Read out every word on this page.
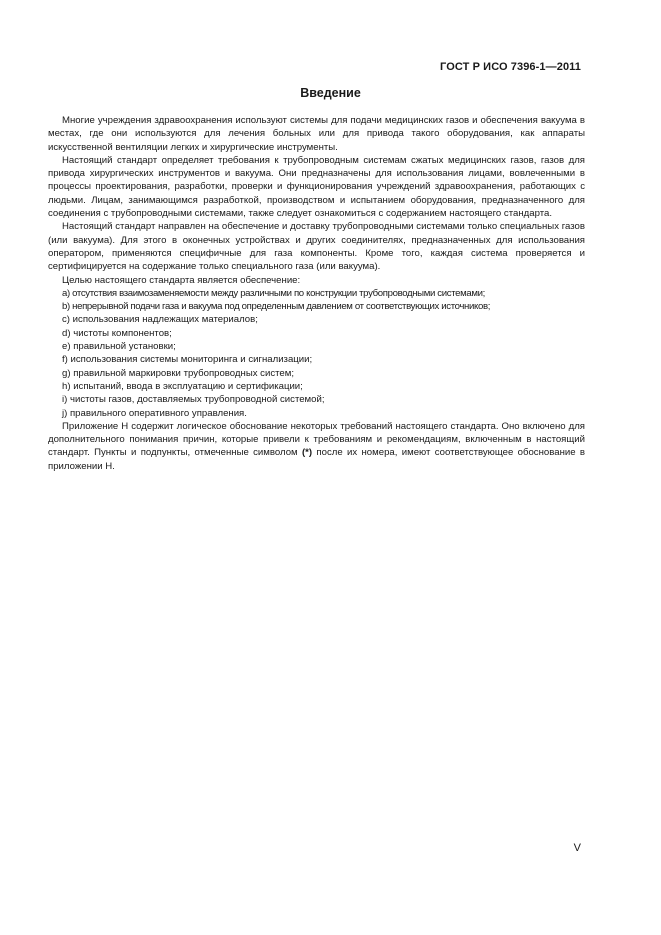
ГОСТ Р ИСО 7396-1—2011
Введение

Многие учреждения здравоохранения используют системы для подачи медицинских газов и обеспечения вакуума в местах, где они используются для лечения больных или для привода такого оборудования, как аппараты искусственной вентиляции легких и хирургические инструменты.

Настоящий стандарт определяет требования к трубопроводным системам сжатых медицинских газов, газов для привода хирургических инструментов и вакуума. Они предназначены для использования лицами, вовлеченными в процессы проектирования, разработки, проверки и функционирования учреждений здравоохранения, работающих с людьми. Лицам, занимающимся разработкой, производством и испытанием оборудования, предназначенного для соединения с трубопроводными системами, также следует ознакомиться с содержанием настоящего стандарта.

Настоящий стандарт направлен на обеспечение и доставку трубопроводными системами только специальных газов (или вакуума). Для этого в оконечных устройствах и других соединителях, предназначенных для использования оператором, применяются специфичные для газа компоненты. Кроме того, каждая система проверяется и сертифицируется на содержание только специального газа (или вакуума).

Целью настоящего стандарта является обеспечение:

a) отсутствия взаимозаменяемости между различными по конструкции трубопроводными системами;
b) непрерывной подачи газа и вакуума под определенным давлением от соответствующих источников;
c) использования надлежащих материалов;
d) чистоты компонентов;
e) правильной установки;
f) использования системы мониторинга и сигнализации;
g) правильной маркировки трубопроводных систем;
h) испытаний, ввода в эксплуатацию и сертификации;
i) чистоты газов, доставляемых трубопроводной системой;
j) правильного оперативного управления.

Приложение Н содержит логическое обоснование некоторых требований настоящего стандарта. Оно включено для дополнительного понимания причин, которые привели к требованиям и рекомендациям, включенным в настоящий стандарт. Пункты и подпункты, отмеченные символом (*) после их номера, имеют соответствующее обоснование в приложении Н.

V
